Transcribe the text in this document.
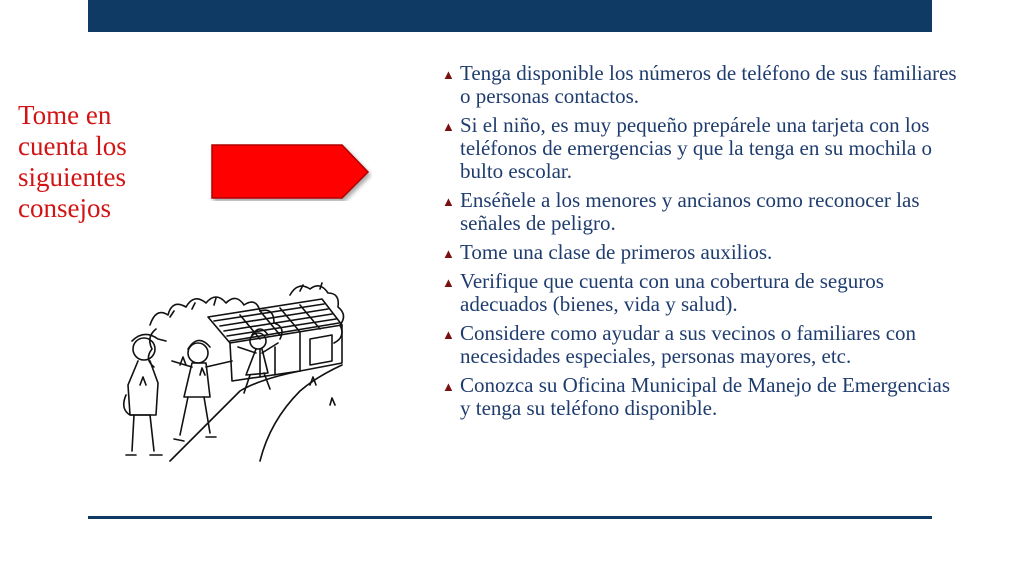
Tome en cuenta los siguientes consejos
▲ Tenga disponible los números de teléfono de sus familiares o personas contactos.
▲ Si el niño, es muy pequeño prepárele una tarjeta con los teléfonos de emergencias y que la tenga en su mochila o bulto escolar.
▲ Enséñele a los menores y ancianos como reconocer las señales de peligro.
▲ Tome una clase de primeros auxilios.
▲ Verifique que cuenta con una cobertura de seguros adecuados (bienes, vida y salud).
▲ Considere como ayudar a sus vecinos o familiares con necesidades especiales, personas mayores, etc.
▲ Conozca su Oficina Municipal de Manejo de Emergencias y tenga su teléfono disponible.
